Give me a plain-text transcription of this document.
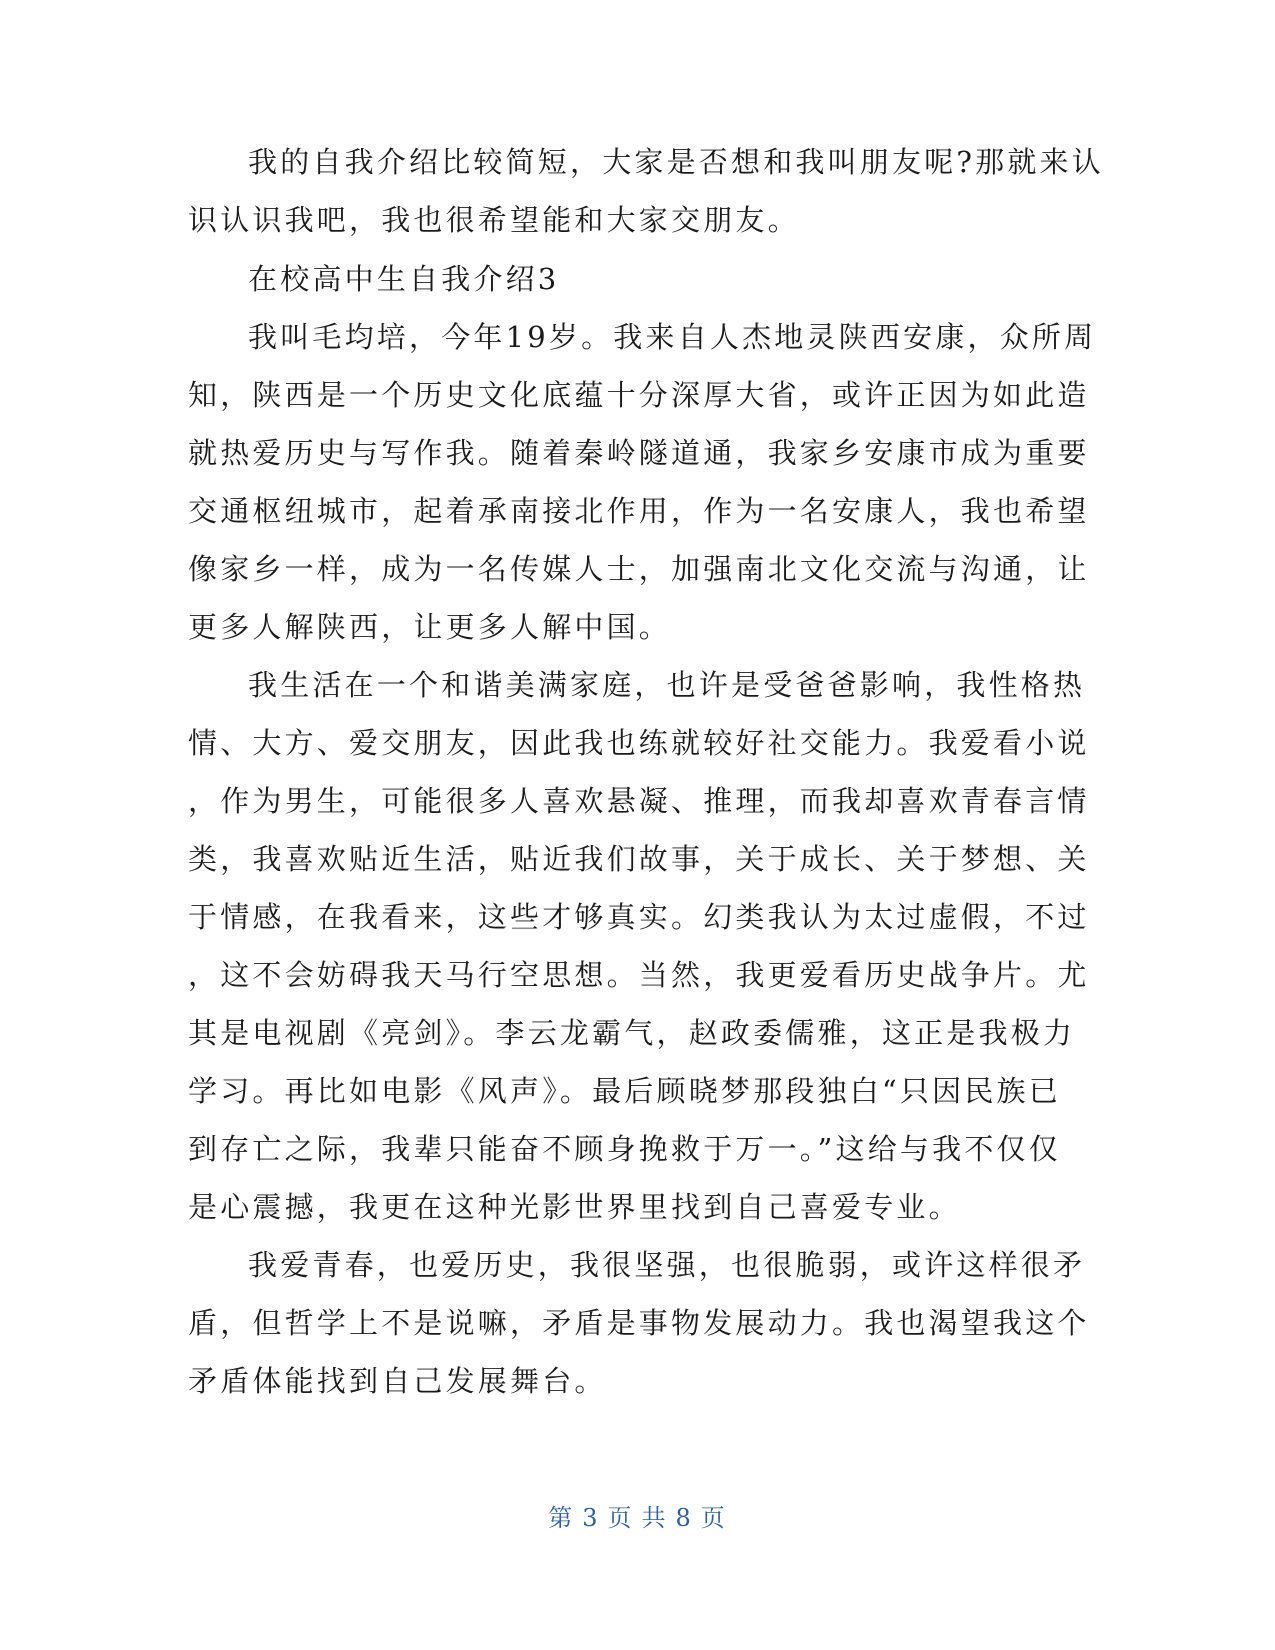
我的自我介绍比较简短，大家是否想和我叫朋友呢?那就来认
识认识我吧，我也很希望能和大家交朋友。
在校高中生自我介绍3
我叫毛均培，今年19岁。我来自人杰地灵陕西安康，众所周
知，陕西是一个历史文化底蕴十分深厚大省，或许正因为如此造
就热爱历史与写作我。随着秦岭隧道通，我家乡安康市成为重要
交通枢纽城市，起着承南接北作用，作为一名安康人，我也希望
像家乡一样，成为一名传媒人士，加强南北文化交流与沟通，让
更多人解陕西，让更多人解中国。
我生活在一个和谐美满家庭，也许是受爸爸影响，我性格热
情、大方、爱交朋友，因此我也练就较好社交能力。我爱看小说
，作为男生，可能很多人喜欢悬凝、推理，而我却喜欢青春言情
类，我喜欢贴近生活，贴近我们故事，关于成长、关于梦想、关
于情感，在我看来，这些才够真实。幻类我认为太过虚假，不过
，这不会妨碍我天马行空思想。当然，我更爱看历史战争片。尤
其是电视剧《亮剑》。李云龙霸气，赵政委儒雅，这正是我极力
学习。再比如电影《风声》。最后顾晓梦那段独白“只因民族已
到存亡之际，我辈只能奋不顾身挽救于万一。”这给与我不仅仅
是心震撼，我更在这种光影世界里找到自己喜爱专业。
我爱青春，也爱历史，我很坚强，也很脆弱，或许这样很矛
盾，但哲学上不是说嘛，矛盾是事物发展动力。我也渴望我这个
矛盾体能找到自己发展舞台。
第 3 页 共 8 页
